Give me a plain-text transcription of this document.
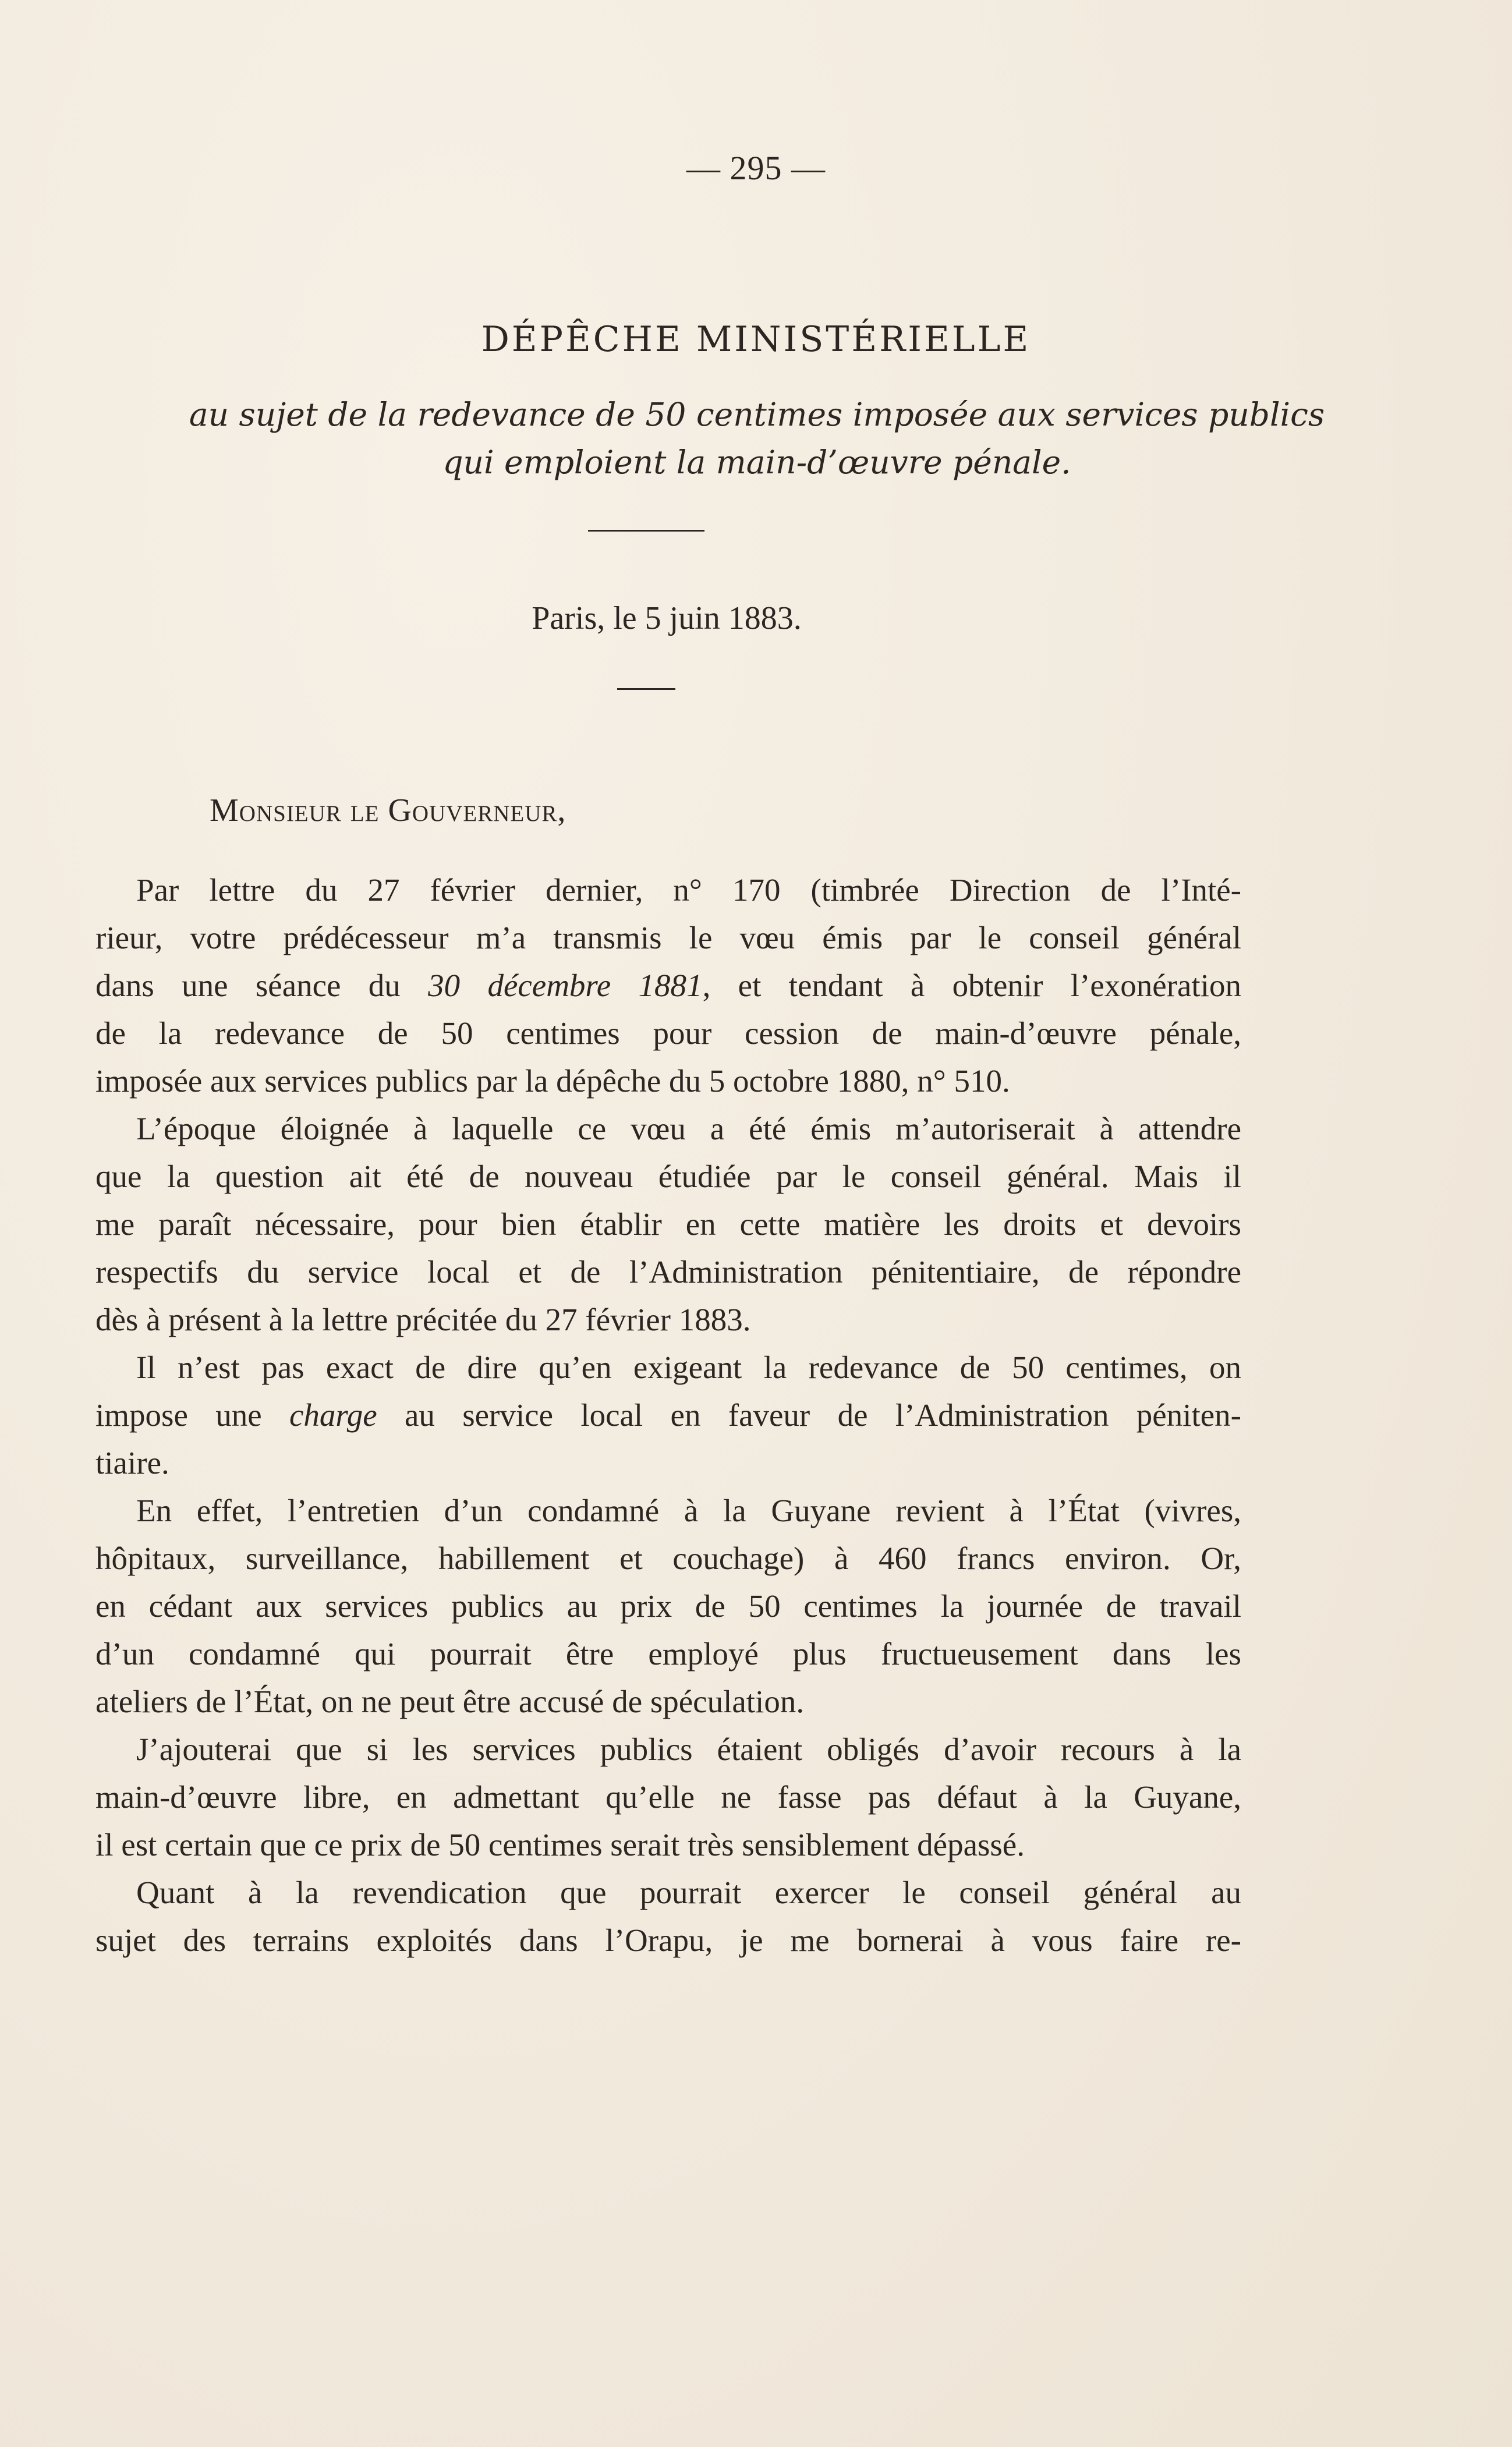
— 295 —
DÉPÊCHE MINISTÉRIELLE
au sujet de la redevance de 50 centimes imposée aux services publics
qui emploient la main-d’œuvre pénale.
Paris, le 5 juin 1883.
Monsieur le Gouverneur,
Par lettre du 27 février dernier, n° 170 (timbrée Direction de l’Inté-
rieur, votre prédécesseur m’a transmis le vœu émis par le conseil général
dans une séance du 30 décembre 1881, et tendant à obtenir l’exonération
de la redevance de 50 centimes pour cession de main-d’œuvre pénale,
imposée aux services publics par la dépêche du 5 octobre 1880, n° 510.
L’époque éloignée à laquelle ce vœu a été émis m’autoriserait à attendre
que la question ait été de nouveau étudiée par le conseil général. Mais il
me paraît nécessaire, pour bien établir en cette matière les droits et devoirs
respectifs du service local et de l’Administration pénitentiaire, de répondre
dès à présent à la lettre précitée du 27 février 1883.
Il n’est pas exact de dire qu’en exigeant la redevance de 50 centimes, on
impose une charge au service local en faveur de l’Administration péniten-
tiaire.
En effet, l’entretien d’un condamné à la Guyane revient à l’État (vivres,
hôpitaux, surveillance, habillement et couchage) à 460 francs environ. Or,
en cédant aux services publics au prix de 50 centimes la journée de travail
d’un condamné qui pourrait être employé plus fructueusement dans les
ateliers de l’État, on ne peut être accusé de spéculation.
J’ajouterai que si les services publics étaient obligés d’avoir recours à la
main-d’œuvre libre, en admettant qu’elle ne fasse pas défaut à la Guyane,
il est certain que ce prix de 50 centimes serait très sensiblement dépassé.
Quant à la revendication que pourrait exercer le conseil général au
sujet des terrains exploités dans l’Orapu, je me bornerai à vous faire re-
